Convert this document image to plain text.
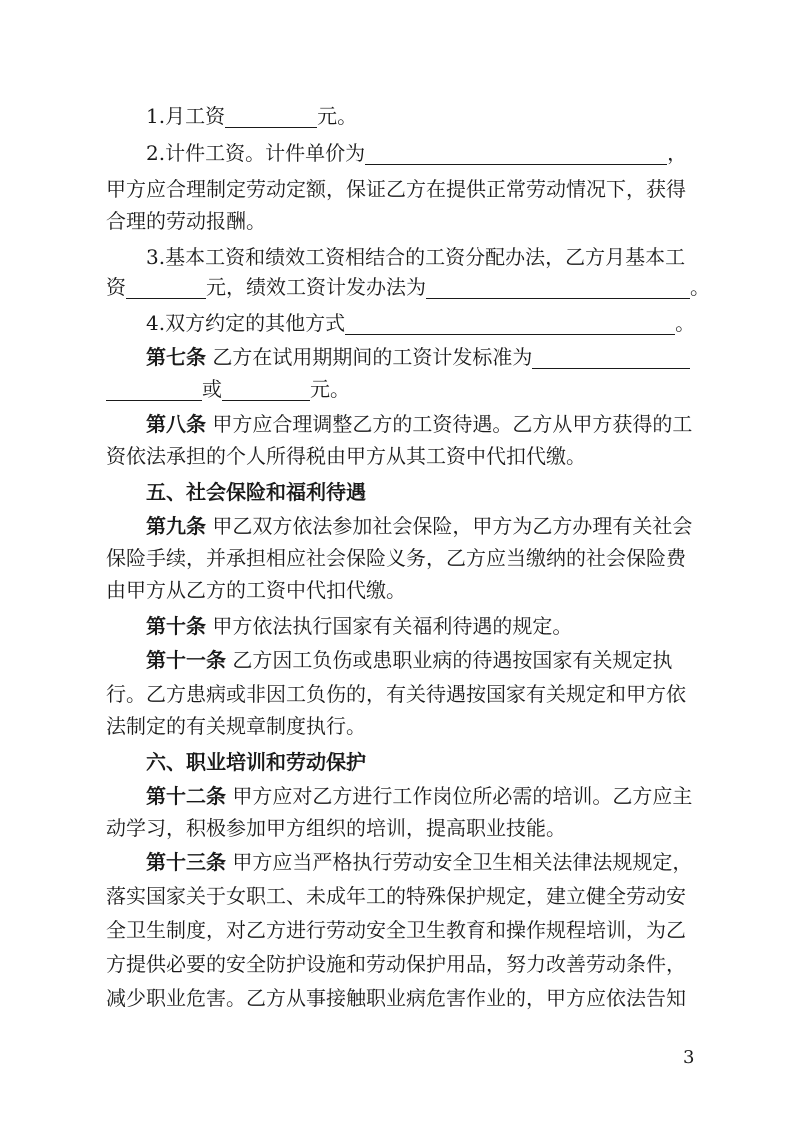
1.月工资	元。
2.计件工资。计件单价为	，
甲方应合理制定劳动定额，保证乙方在提供正常劳动情况下，获得
合理的劳动报酬。
3.基本工资和绩效工资相结合的工资分配办法，乙方月基本工
资	元，绩效工资计发办法为	。
4.双方约定的其他方式	。
第七条 乙方在试用期期间的工资计发标准为
或	元。
第八条 甲方应合理调整乙方的工资待遇。乙方从甲方获得的工
资依法承担的个人所得税由甲方从其工资中代扣代缴。
五、社会保险和福利待遇
第九条 甲乙双方依法参加社会保险，甲方为乙方办理有关社会
保险手续，并承担相应社会保险义务，乙方应当缴纳的社会保险费
由甲方从乙方的工资中代扣代缴。
第十条 甲方依法执行国家有关福利待遇的规定。
第十一条 乙方因工负伤或患职业病的待遇按国家有关规定执
行。乙方患病或非因工负伤的，有关待遇按国家有关规定和甲方依
法制定的有关规章制度执行。
六、职业培训和劳动保护
第十二条 甲方应对乙方进行工作岗位所必需的培训。乙方应主
动学习，积极参加甲方组织的培训，提高职业技能。
第十三条 甲方应当严格执行劳动安全卫生相关法律法规规定，
落实国家关于女职工、未成年工的特殊保护规定，建立健全劳动安
全卫生制度，对乙方进行劳动安全卫生教育和操作规程培训，为乙
方提供必要的安全防护设施和劳动保护用品，努力改善劳动条件，
减少职业危害。乙方从事接触职业病危害作业的，甲方应依法告知
3
